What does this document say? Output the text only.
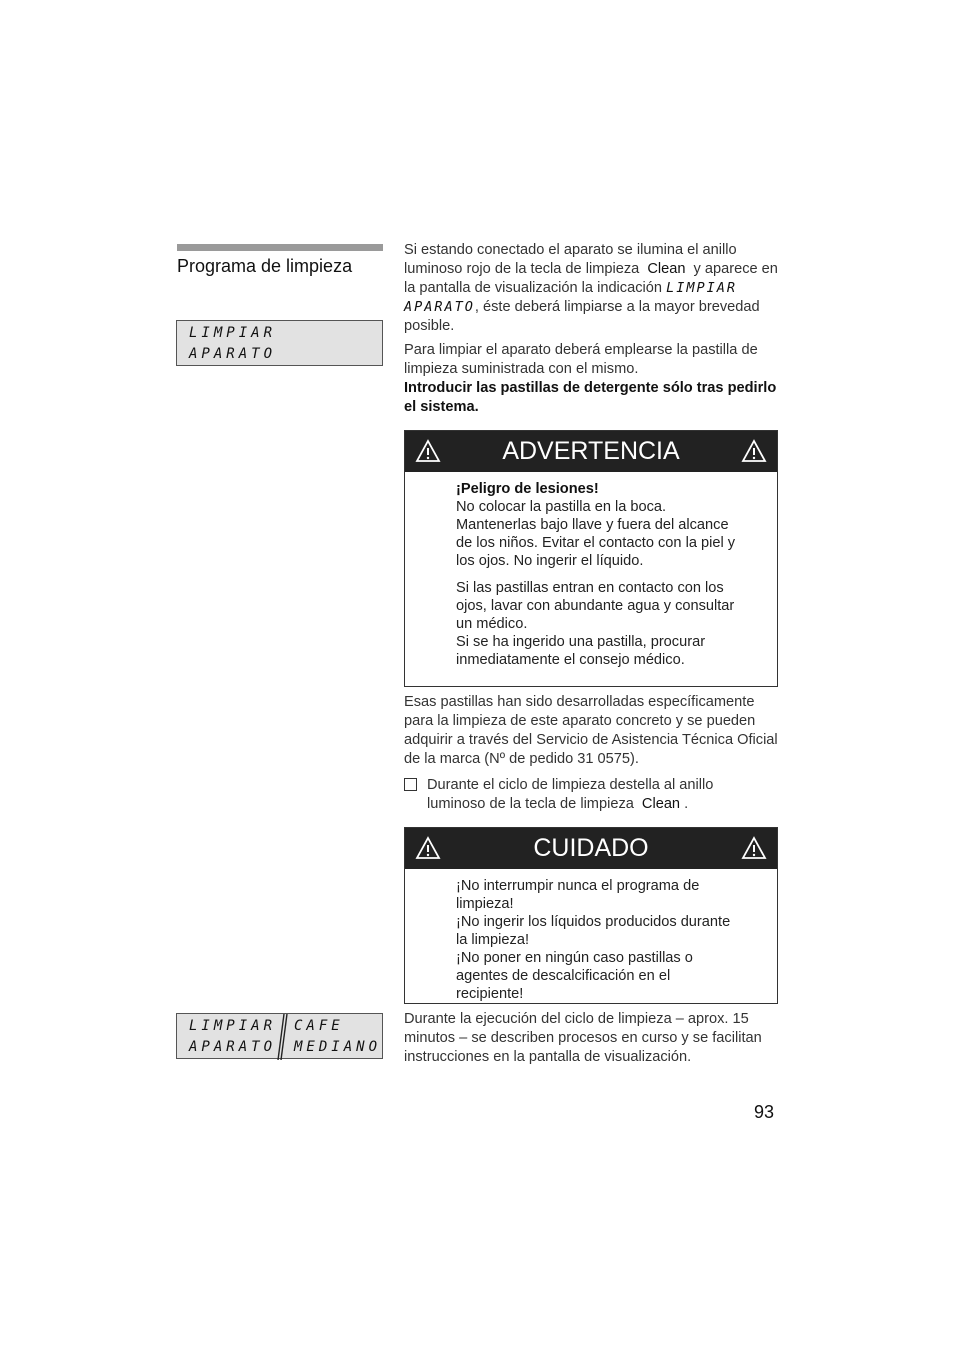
Programa de limpieza
LIMPIAR
APARATO
LIMPIAR
APARATO
CAFE
MEDIANO

Si estando conectado el aparato se ilumina el anillo luminoso rojo de la tecla de limpieza Clean y aparece en la pantalla de visualización la indicación LIMPIAR APARATO, éste deberá limpiarse a la mayor brevedad posible.

Para limpiar el aparato deberá emplearse la pastilla de limpieza suministrada con el mismo.

Introducir las pastillas de detergente sólo tras pedirlo el sistema.

ADVERTENCIA

¡Peligro de lesiones!

No colocar la pastilla en la boca. Mantenerlas bajo llave y fuera del alcance de los niños. Evitar el contacto con la piel y los ojos. No ingerir el líquido.

Si las pastillas entran en contacto con los ojos, lavar con abundante agua y consultar un médico.

Si se ha ingerido una pastilla, procurar inmediatamente el consejo médico.

Esas pastillas han sido desarrolladas específicamente para la limpieza de este aparato concreto y se pueden adquirir a través del Servicio de Asistencia Técnica Oficial de la marca (Nº de pedido 31 0575).

Durante el ciclo de limpieza destella al anillo luminoso de la tecla de limpieza Clean .

CUIDADO

¡No interrumpir nunca el programa de limpieza!

¡No ingerir los líquidos producidos durante la limpieza!

¡No poner en ningún caso pastillas o agentes de descalcificación en el recipiente!

Durante la ejecución del ciclo de limpieza – aprox. 15 minutos – se describen procesos en curso y se facilitan instrucciones en la pantalla de visualización.

93
